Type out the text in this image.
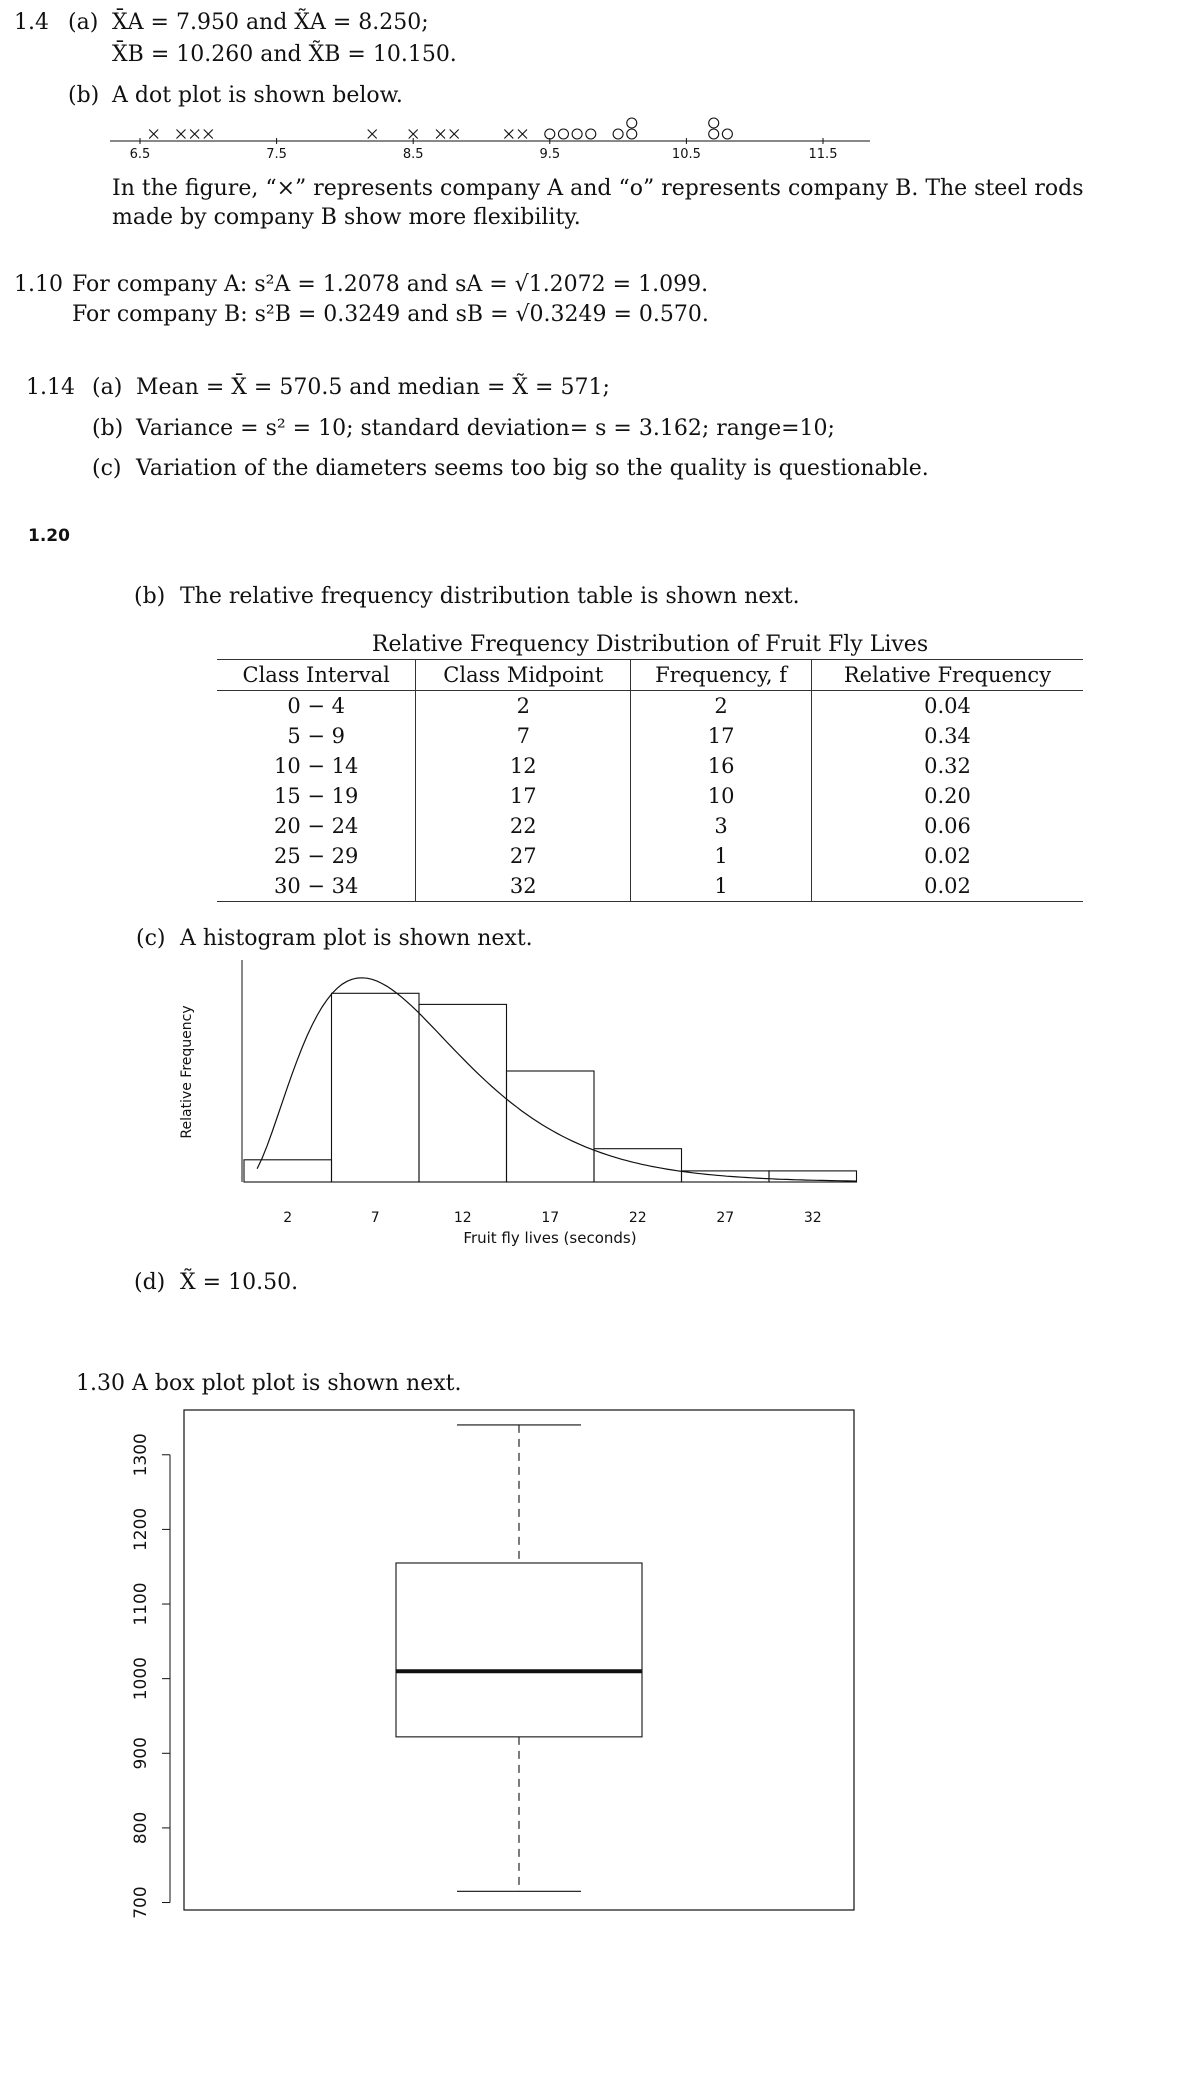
1.4 (a) X̄A = 7.950 and X̃A = 8.250;
X̄B = 10.260 and X̃B = 10.150.
(b) A dot plot is shown below.
6.5	7.5	8.5	9.5	10.5	11.5
In the figure, “×” represents company A and “o” represents company B. The steel rods
made by company B show more flexibility.
1.10 For company A: s²A = 1.2078 and sA = √1.2072 = 1.099.
For company B: s²B = 0.3249 and sB = √0.3249 = 0.570.
1.14 (a) Mean = X̄ = 570.5 and median = X̃ = 571;
(b) Variance = s² = 10; standard deviation= s = 3.162; range=10;
(c) Variation of the diameters seems too big so the quality is questionable.
1.20
(b) The relative frequency distribution table is shown next.
Relative Frequency Distribution of Fruit Fly Lives
Class Interval	Class Midpoint	Frequency, f	Relative Frequency
0 − 4	2	2	0.04
5 − 9	7	17	0.34
10 − 14	12	16	0.32
15 − 19	17	10	0.20
20 − 24	22	3	0.06
25 − 29	27	1	0.02
30 − 34	32	1	0.02
(c) A histogram plot is shown next.
2	7	12	17	22	27	32
Relative Frequency
Fruit fly lives (seconds)
(d) X̃ = 10.50.
1.30 A box plot plot is shown next.
700
800
900
1000
1100
1200
1300
